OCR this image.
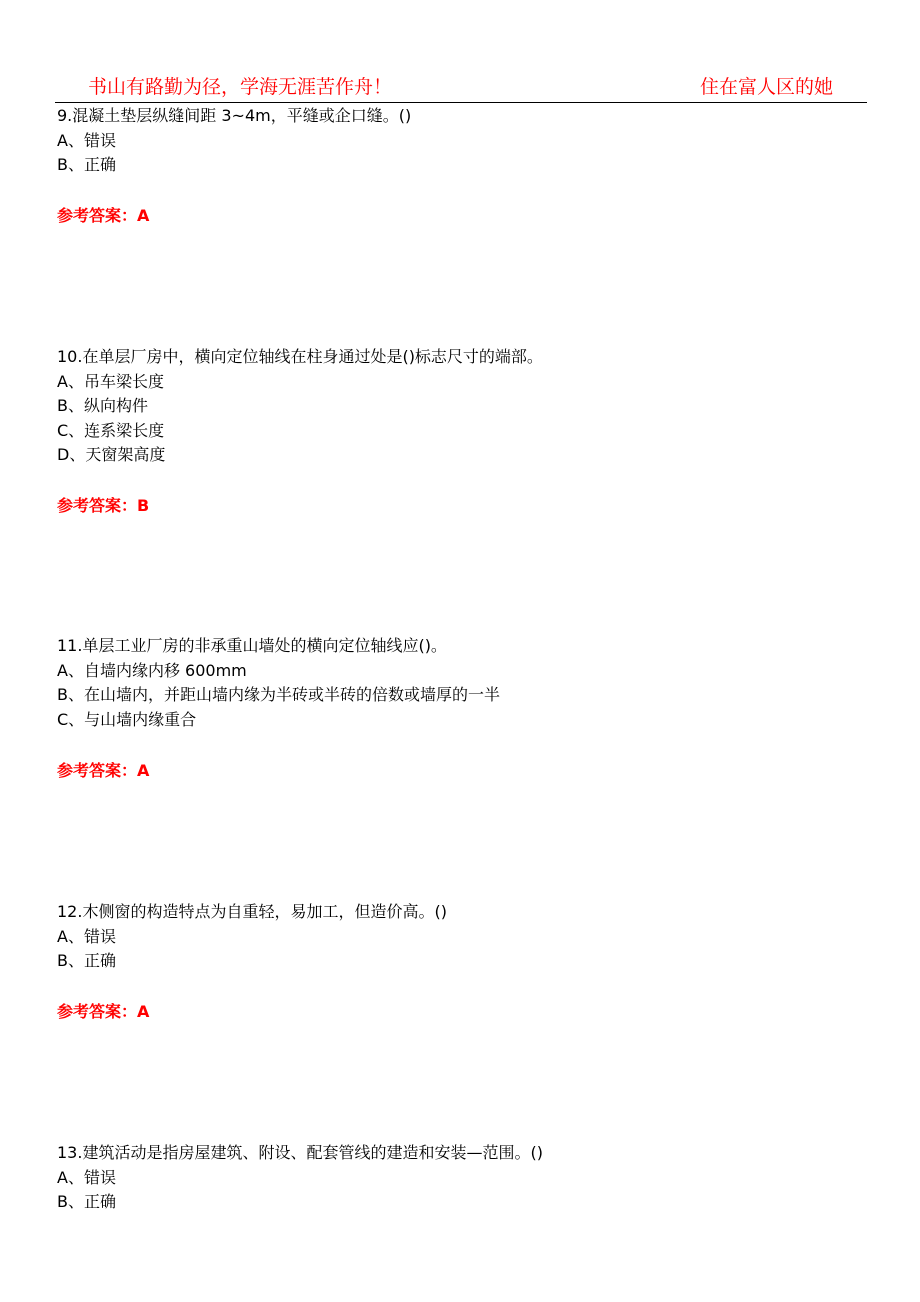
书山有路勤为径，学海无涯苦作舟！	住在富人区的她

9.混凝土垫层纵缝间距 3~4m，平缝或企口缝。()

A、错误

B、正确

参考答案：A

10.在单层厂房中，横向定位轴线在柱身通过处是()标志尺寸的端部。

A、吊车梁长度

B、纵向构件

C、连系梁长度

D、天窗架高度

参考答案：B

11.单层工业厂房的非承重山墙处的横向定位轴线应()。

A、自墙内缘内移 600mm

B、在山墙内，并距山墙内缘为半砖或半砖的倍数或墙厚的一半

C、与山墙内缘重合

参考答案：A

12.木侧窗的构造特点为自重轻，易加工，但造价高。()

A、错误

B、正确

参考答案：A

13.建筑活动是指房屋建筑、附设、配套管线的建造和安装—范围。()

A、错误

B、正确
